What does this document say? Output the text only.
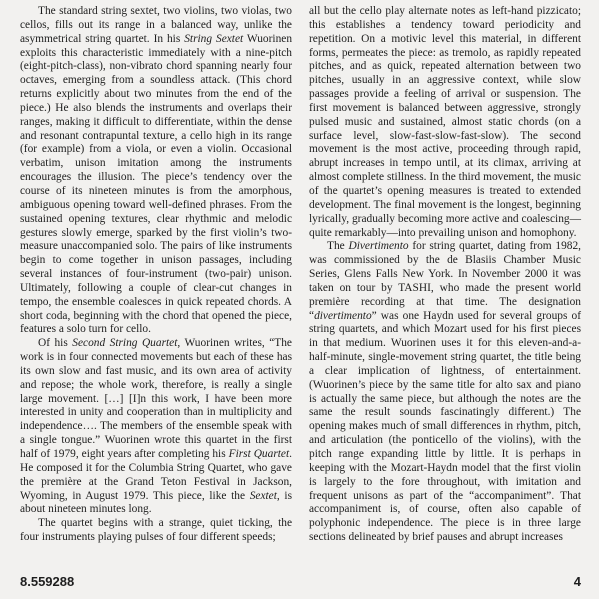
The standard string sextet, two violins, two violas, two cellos, fills out its range in a balanced way, unlike the asymmetrical string quartet. In his String Sextet Wuorinen exploits this characteristic immediately with a nine-pitch (eight-pitch-class), non-vibrato chord spanning nearly four octaves, emerging from a soundless attack. (This chord returns explicitly about two minutes from the end of the piece.) He also blends the instruments and overlaps their ranges, making it difficult to differentiate, within the dense and resonant contrapuntal texture, a cello high in its range (for example) from a viola, or even a violin. Occasional verbatim, unison imitation among the instruments encourages the illusion. The piece’s tendency over the course of its nineteen minutes is from the amorphous, ambiguous opening toward well-defined phrases. From the sustained opening textures, clear rhythmic and melodic gestures slowly emerge, sparked by the first violin’s two-measure unaccompanied solo. The pairs of like instruments begin to come together in unison passages, including several instances of four-instrument (two-pair) unison. Ultimately, following a couple of clear-cut changes in tempo, the ensemble coalesces in quick repeated chords. A short coda, beginning with the chord that opened the piece, features a solo turn for cello.

Of his Second String Quartet, Wuorinen writes, “The work is in four connected movements but each of these has its own slow and fast music, and its own area of activity and repose; the whole work, therefore, is really a single large movement. […] [I]n this work, I have been more interested in unity and cooperation than in multiplicity and independence…. The members of the ensemble speak with a single tongue.” Wuorinen wrote this quartet in the first half of 1979, eight years after completing his First Quartet. He composed it for the Columbia String Quartet, who gave the première at the Grand Teton Festival in Jackson, Wyoming, in August 1979. This piece, like the Sextet, is about nineteen minutes long.

The quartet begins with a strange, quiet ticking, the four instruments playing pulses of four different speeds;

all but the cello play alternate notes as left-hand pizzicato; this establishes a tendency toward periodicity and repetition. On a motivic level this material, in different forms, permeates the piece: as tremolo, as rapidly repeated pitches, and as quick, repeated alternation between two pitches, usually in an aggressive context, while slow passages provide a feeling of arrival or suspension. The first movement is balanced between aggressive, strongly pulsed music and sustained, almost static chords (on a surface level, slow-fast-slow-fast-slow). The second movement is the most active, proceeding through rapid, abrupt increases in tempo until, at its climax, arriving at almost complete stillness. In the third movement, the music of the quartet’s opening measures is treated to extended development. The final movement is the longest, beginning lyrically, gradually becoming more active and coalescing—quite remarkably—into prevailing unison and homophony.

The Divertimento for string quartet, dating from 1982, was commissioned by the de Blasiis Chamber Music Series, Glens Falls New York. In November 2000 it was taken on tour by TASHI, who made the present world première recording at that time. The designation “divertimento” was one Haydn used for several groups of string quartets, and which Mozart used for his first pieces in that medium. Wuorinen uses it for this eleven-and-a-half-minute, single-movement string quartet, the title being a clear implication of lightness, of entertainment. (Wuorinen’s piece by the same title for alto sax and piano is actually the same piece, but although the notes are the same the result sounds fascinatingly different.) The opening makes much of small differences in rhythm, pitch, and articulation (the ponticello of the violins), with the pitch range expanding little by little. It is perhaps in keeping with the Mozart-Haydn model that the first violin is largely to the fore throughout, with imitation and frequent unisons as part of the “accompaniment”. That accompaniment is, of course, often also capable of polyphonic independence. The piece is in three large sections delineated by brief pauses and abrupt increases

8.559288	4
